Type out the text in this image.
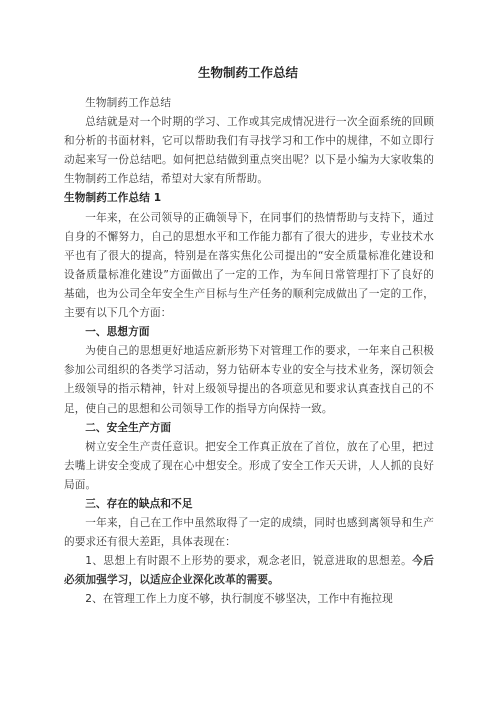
生物制药工作总结

生物制药工作总结

总结就是对一个时期的学习、工作或其完成情况进行一次全面系统的回顾和分析的书面材料，它可以帮助我们有寻找学习和工作中的规律，不如立即行动起来写一份总结吧。如何把总结做到重点突出呢？以下是小编为大家收集的生物制药工作总结，希望对大家有所帮助。

生物制药工作总结 1

一年来，在公司领导的正确领导下，在同事们的热情帮助与支持下，通过自身的不懈努力，自己的思想水平和工作能力都有了很大的进步，专业技术水平也有了很大的提高，特别是在落实焦化公司提出的“安全质量标准化建设和设备质量标准化建设”方面做出了一定的工作，为车间日常管理打下了良好的基础，也为公司全年安全生产目标与生产任务的顺利完成做出了一定的工作，主要有以下几个方面：

一、思想方面

为使自己的思想更好地适应新形势下对管理工作的要求，一年来自己积极参加公司组织的各类学习活动，努力钻研本专业的安全与技术业务，深切领会上级领导的指示精神，针对上级领导提出的各项意见和要求认真查找自己的不足，使自己的思想和公司领导工作的指导方向保持一致。

二、安全生产方面

树立安全生产责任意识。把安全工作真正放在了首位，放在了心里，把过去嘴上讲安全变成了现在心中想安全。形成了安全工作天天讲，人人抓的良好局面。

三、存在的缺点和不足

一年来，自己在工作中虽然取得了一定的成绩，同时也感到离领导和生产的要求还有很大差距，具体表现在：

1、思想上有时跟不上形势的要求，观念老旧，锐意进取的思想差。今后必须加强学习，以适应企业深化改革的需要。

2、在管理工作上力度不够，执行制度不够坚决，工作中有拖拉现
